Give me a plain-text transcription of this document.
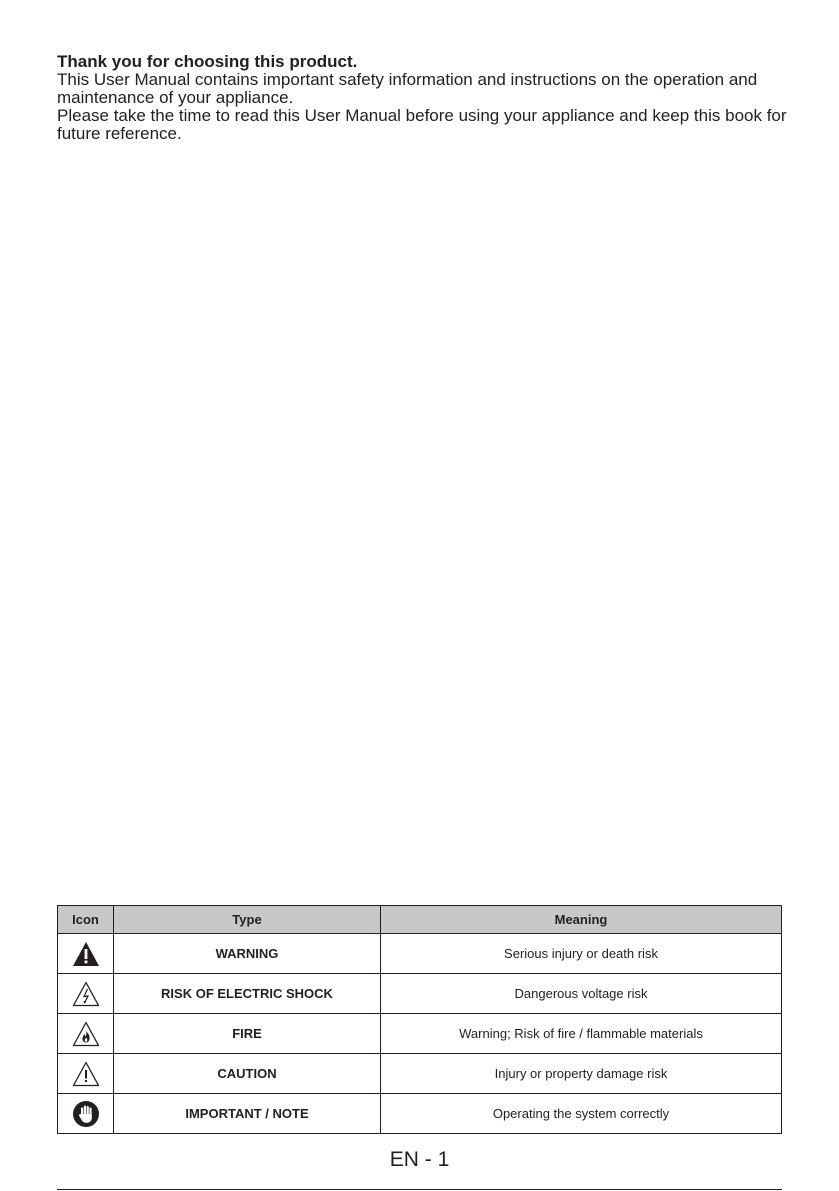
Thank you for choosing this product.

This User Manual contains important safety information and instructions on the operation and maintenance of your appliance.

Please take the time to read this User Manual before using your appliance and keep this book for future reference.

Icon	Type	Meaning
	WARNING	Serious injury or death risk
	RISK OF ELECTRIC SHOCK	Dangerous voltage risk
	FIRE	Warning; Risk of fire / flammable materials
	CAUTION	Injury or property damage risk
	IMPORTANT / NOTE	Operating the system correctly
EN - 1
